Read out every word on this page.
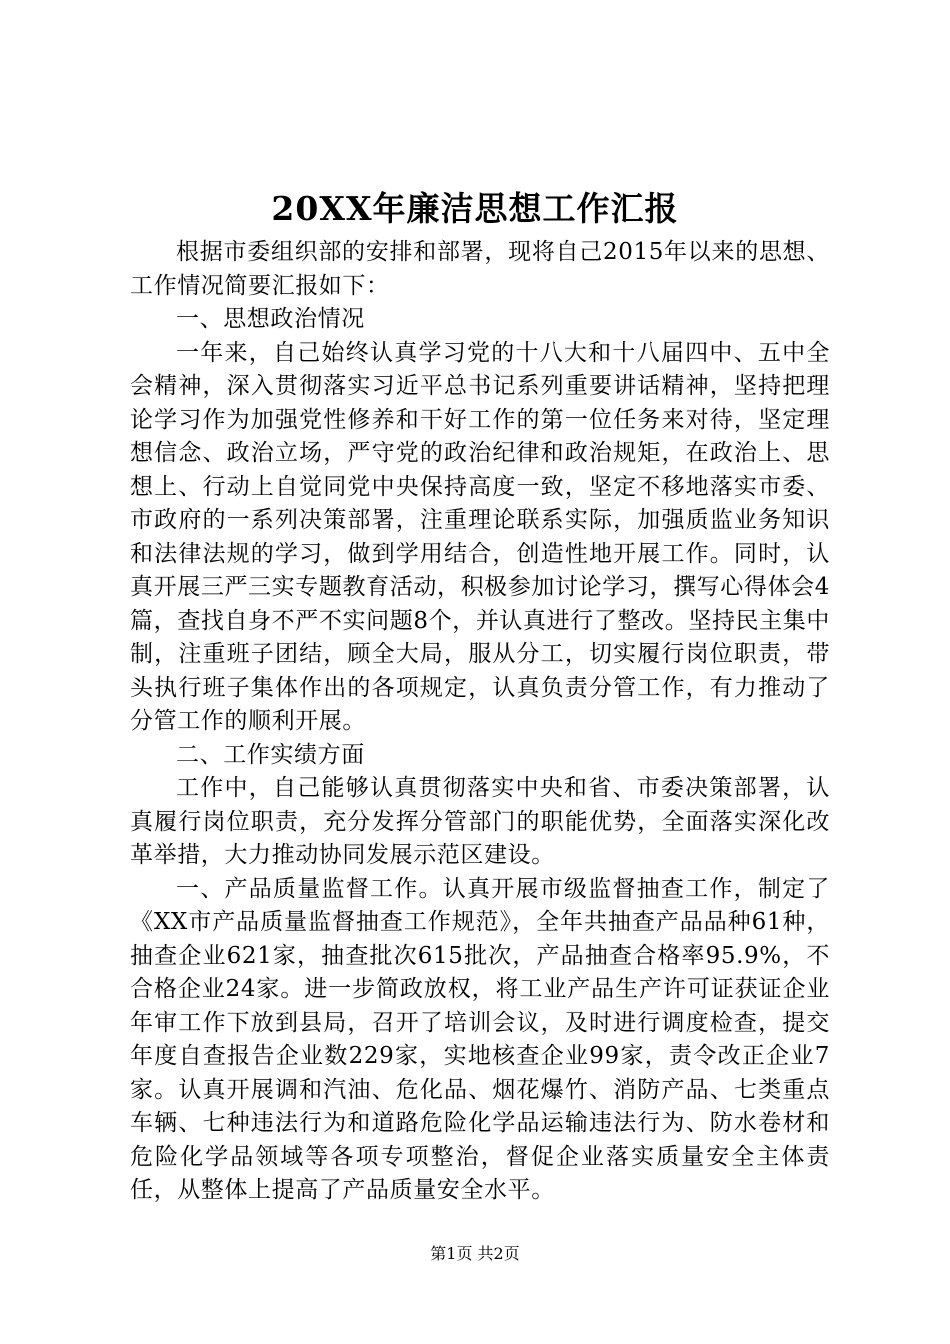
20XX年廉洁思想工作汇报

根据市委组织部的安排和部署，现将自己2015年以来的思想、工作情况简要汇报如下：

一、思想政治情况

一年来，自己始终认真学习党的十八大和十八届四中、五中全会精神，深入贯彻落实习近平总书记系列重要讲话精神，坚持把理论学习作为加强党性修养和干好工作的第一位任务来对待，坚定理想信念、政治立场，严守党的政治纪律和政治规矩，在政治上、思想上、行动上自觉同党中央保持高度一致，坚定不移地落实市委、市政府的一系列决策部署，注重理论联系实际，加强质监业务知识和法律法规的学习，做到学用结合，创造性地开展工作。同时，认真开展三严三实专题教育活动，积极参加讨论学习，撰写心得体会4篇，查找自身不严不实问题8个，并认真进行了整改。坚持民主集中制，注重班子团结，顾全大局，服从分工，切实履行岗位职责，带头执行班子集体作出的各项规定，认真负责分管工作，有力推动了分管工作的顺利开展。

二、工作实绩方面

工作中，自己能够认真贯彻落实中央和省、市委决策部署，认真履行岗位职责，充分发挥分管部门的职能优势，全面落实深化改革举措，大力推动协同发展示范区建设。

一、产品质量监督工作。认真开展市级监督抽查工作，制定了《XX市产品质量监督抽查工作规范》，全年共抽查产品品种61种，抽查企业621家，抽查批次615批次，产品抽查合格率95.9%，不合格企业24家。进一步简政放权，将工业产品生产许可证获证企业年审工作下放到县局，召开了培训会议，及时进行调度检查，提交年度自查报告企业数229家，实地核查企业99家，责令改正企业7家。认真开展调和汽油、危化品、烟花爆竹、消防产品、七类重点车辆、七种违法行为和道路危险化学品运输违法行为、防水卷材和危险化学品领域等各项专项整治，督促企业落实质量安全主体责任，从整体上提高了产品质量安全水平。

第1页 共2页
